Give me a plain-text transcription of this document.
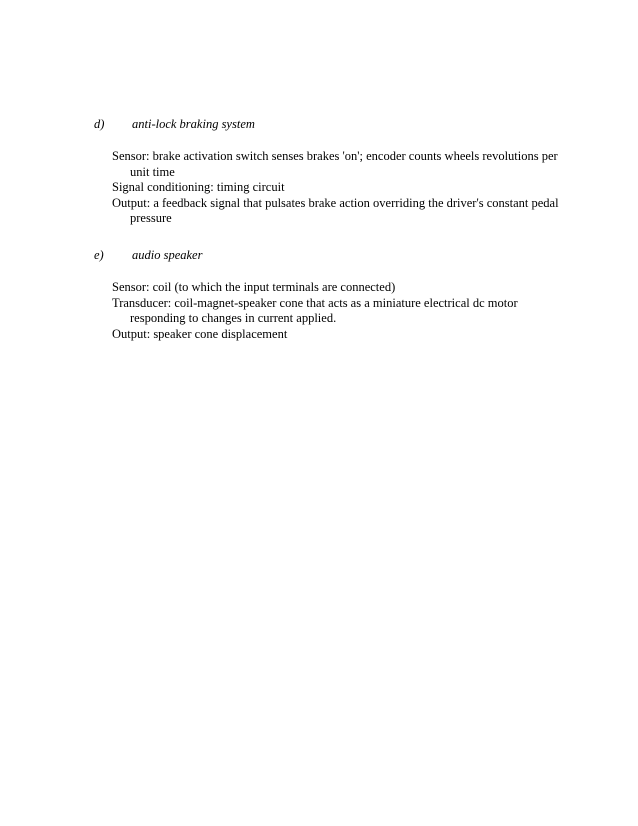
d) anti-lock braking system

Sensor: brake activation switch senses brakes 'on'; encoder counts wheels revolutions per unit time

Signal conditioning: timing circuit

Output: a feedback signal that pulsates brake action overriding the driver's constant pedal pressure

e) audio speaker

Sensor: coil (to which the input terminals are connected)

Transducer: coil-magnet-speaker cone that acts as a miniature electrical dc motor responding to changes in current applied.

Output: speaker cone displacement
